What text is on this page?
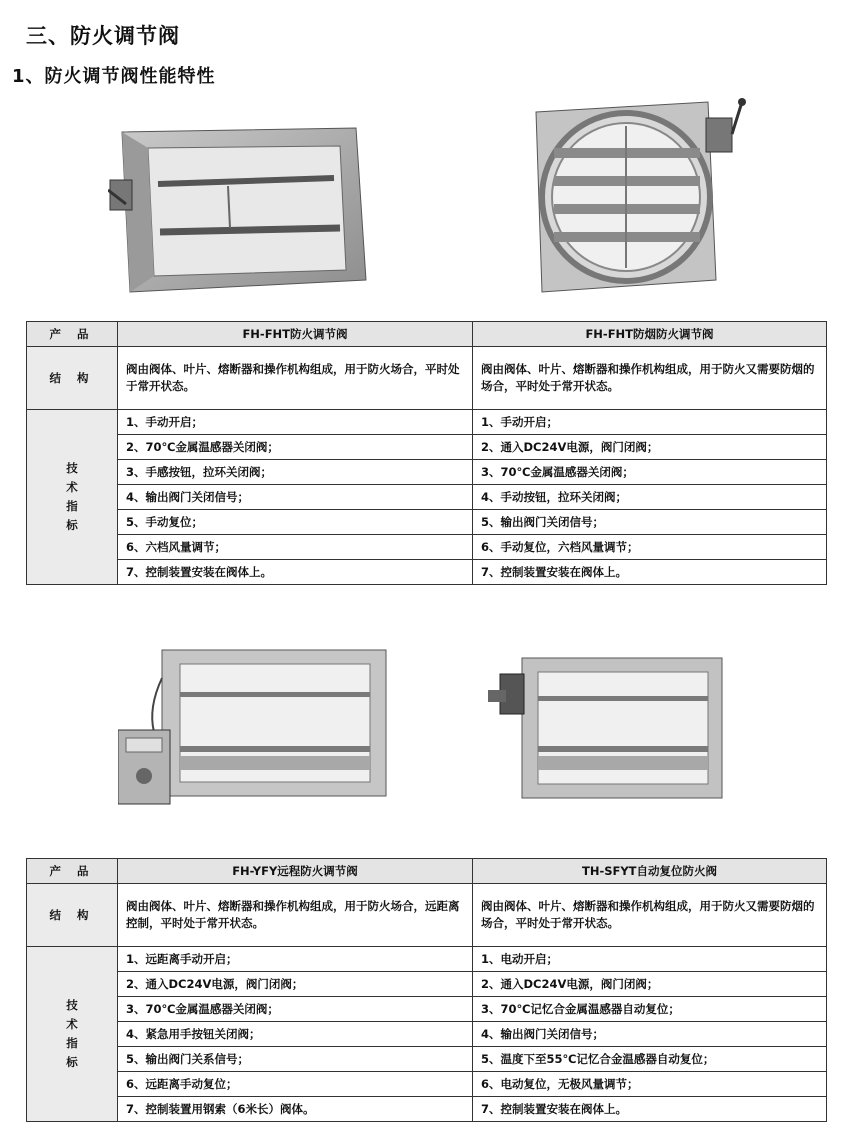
三、防火调节阀
1、防火调节阀性能特性
产 品	FH-FHT防火调节阀	FH-FHT防烟防火调节阀
结 构	阀由阀体、叶片、熔断器和操作机构组成，用于防火场合，平时处于常开状态。	阀由阀体、叶片、熔断器和操作机构组成，用于防火又需要防烟的场合，平时处于常开状态。

技
术
指
标	1、手动开启；	1、手动开启；
	2、70℃金属温感器关闭阀；	2、通入DC24V电源，阀门闭阀；
	3、手感按钮，拉环关闭阀；	3、70℃金属温感器关闭阀；
	4、输出阀门关闭信号；	4、手动按钮，拉环关闭阀；
	5、手动复位；	5、输出阀门关闭信号；
	6、六档风量调节；	6、手动复位，六档风量调节；
	7、控制装置安装在阀体上。	7、控制装置安装在阀体上。
产 品	FH-YFY远程防火调节阀	TH-SFYT自动复位防火阀
结 构	阀由阀体、叶片、熔断器和操作机构组成，用于防火场合，远距离控制，平时处于常开状态。	阀由阀体、叶片、熔断器和操作机构组成，用于防火又需要防烟的场合，平时处于常开状态。

技
术
指
标	1、远距离手动开启；	1、电动开启；
	2、通入DC24V电源，阀门闭阀；	2、通入DC24V电源，阀门闭阀；
	3、70℃金属温感器关闭阀；	3、70℃记忆合金属温感器自动复位；
	4、紧急用手按钮关闭阀；	4、输出阀门关闭信号；
	5、输出阀门关系信号；	5、温度下至55℃记忆合金温感器自动复位；
	6、远距离手动复位；	6、电动复位，无极风量调节；
	7、控制装置用钢索（6米长）阀体。	7、控制装置安装在阀体上。
